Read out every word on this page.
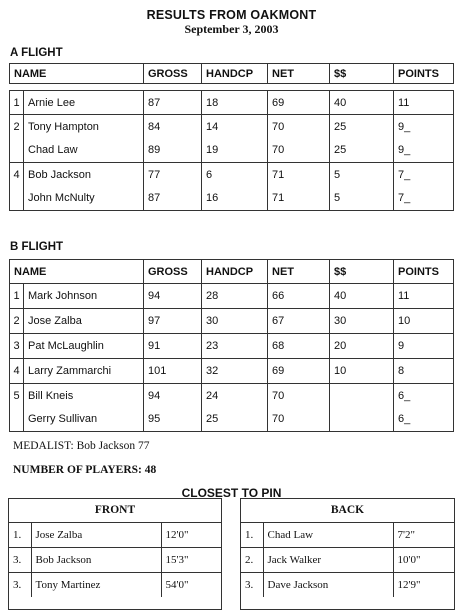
RESULTS FROM OAKMONT
September 3, 2003
A FLIGHT
NAME	GROSS	HANDCP	NET	$$	POINTS
1	Arnie Lee	87	18	69	40	11
2	Tony Hampton	84	14	70	25	9_
	Chad Law	89	19	70	25	9_
4	Bob Jackson	77	6	71	5	7_
	John McNulty	87	16	71	5	7_
B FLIGHT
NAME	GROSS	HANDCP	NET	$$	POINTS
1	Mark Johnson	94	28	66	40	11
2	Jose Zalba	97	30	67	30	10
3	Pat McLaughlin	91	23	68	20	9
4	Larry Zammarchi	101	32	69	10	8
5	Bill Kneis	94	24	70		6_
	Gerry Sullivan	95	25	70		6_
MEDALIST: Bob Jackson 77
NUMBER OF PLAYERS: 48
CLOSEST TO PIN
FRONT
1.	Jose Zalba	12'0"
3.	Bob Jackson	15'3"
3.	Tony Martinez	54'0"
BACK
1.	Chad Law	7'2"
2.	Jack Walker	10'0"
3.	Dave Jackson	12'9"
